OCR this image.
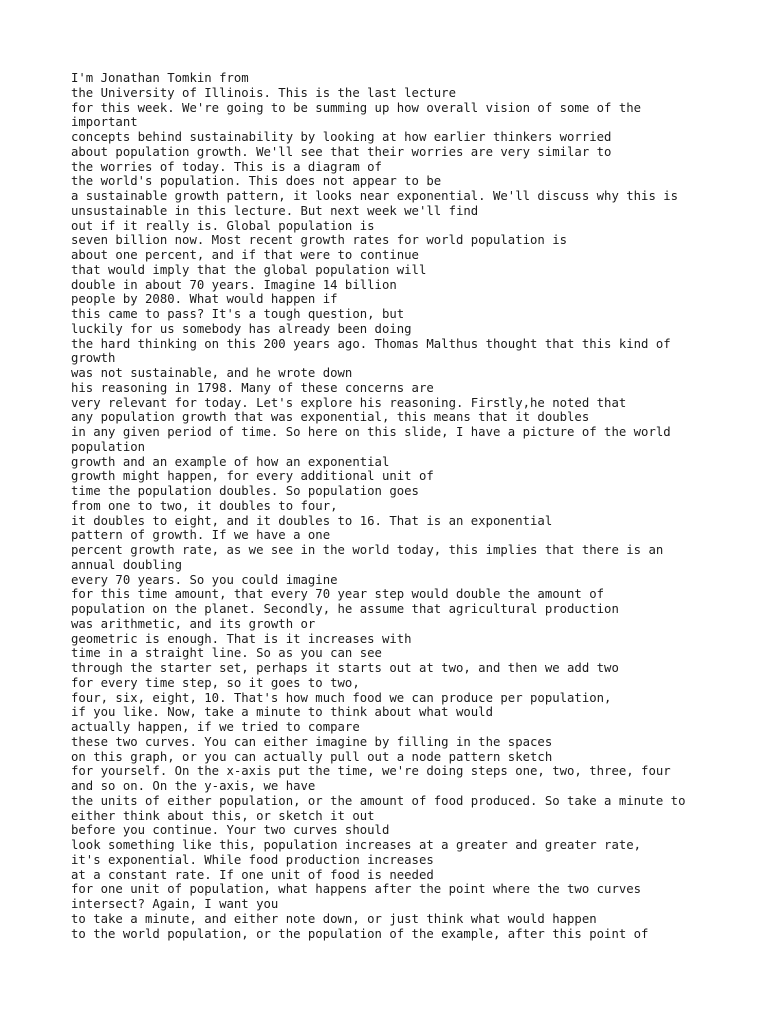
I'm Jonathan Tomkin from
the University of Illinois. This is the last lecture
for this week. We're going to be summing up how overall vision of some of the
important
concepts behind sustainability by looking at how earlier thinkers worried
about population growth. We'll see that their worries are very similar to
the worries of today. This is a diagram of
the world's population. This does not appear to be
a sustainable growth pattern, it looks near exponential. We'll discuss why this is
unsustainable in this lecture. But next week we'll find
out if it really is. Global population is
seven billion now. Most recent growth rates for world population is
about one percent, and if that were to continue
that would imply that the global population will
double in about 70 years. Imagine 14 billion
people by 2080. What would happen if
this came to pass? It's a tough question, but
luckily for us somebody has already been doing
the hard thinking on this 200 years ago. Thomas Malthus thought that this kind of
growth
was not sustainable, and he wrote down
his reasoning in 1798. Many of these concerns are
very relevant for today. Let's explore his reasoning. Firstly,he noted that
any population growth that was exponential, this means that it doubles
in any given period of time. So here on this slide, I have a picture of the world
population
growth and an example of how an exponential
growth might happen, for every additional unit of
time the population doubles. So population goes
from one to two, it doubles to four,
it doubles to eight, and it doubles to 16. That is an exponential
pattern of growth. If we have a one
percent growth rate, as we see in the world today, this implies that there is an
annual doubling
every 70 years. So you could imagine
for this time amount, that every 70 year step would double the amount of
population on the planet. Secondly, he assume that agricultural production
was arithmetic, and its growth or
geometric is enough. That is it increases with
time in a straight line. So as you can see
through the starter set, perhaps it starts out at two, and then we add two
for every time step, so it goes to two,
four, six, eight, 10. That's how much food we can produce per population,
if you like. Now, take a minute to think about what would
actually happen, if we tried to compare
these two curves. You can either imagine by filling in the spaces
on this graph, or you can actually pull out a node pattern sketch
for yourself. On the x-axis put the time, we're doing steps one, two, three, four
and so on. On the y-axis, we have
the units of either population, or the amount of food produced. So take a minute to
either think about this, or sketch it out
before you continue. Your two curves should
look something like this, population increases at a greater and greater rate,
it's exponential. While food production increases
at a constant rate. If one unit of food is needed
for one unit of population, what happens after the point where the two curves
intersect? Again, I want you
to take a minute, and either note down, or just think what would happen
to the world population, or the population of the example, after this point of
